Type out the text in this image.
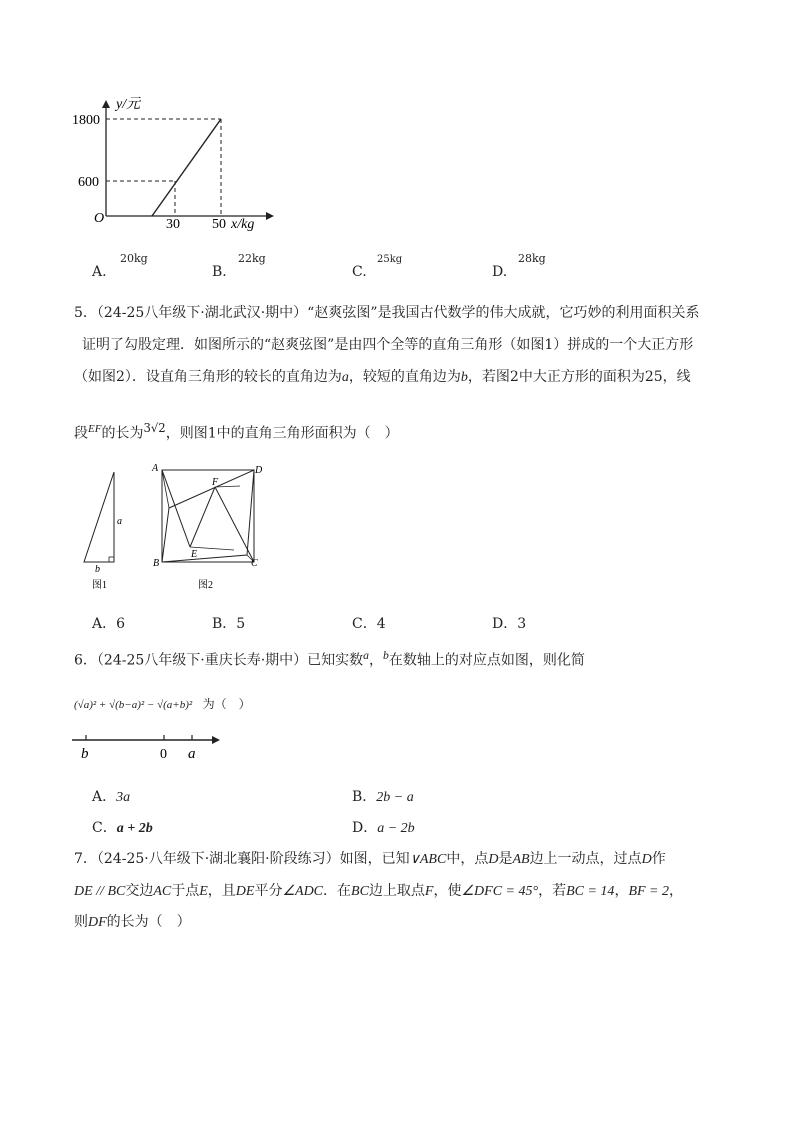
y/元
1800
600
O	30 50 x/kg
A.
20kg
B.
22kg
C.
25kg
D.
28kg
5．（24-25八年级下·湖北武汉·期中）“赵爽弦图”是我国古代数学的伟大成就，它巧妙的利用面积关系
证明了勾股定理．如图所示的“赵爽弦图”是由四个全等的直角三角形（如图1）拼成的一个大正方形
（如图2）．设直角三角形的较长的直角边为a，较短的直角边为b，若图2中大正方形的面积为25，线
段$^{EF}$的长为$^{3√2}$，则图1中的直角三角形面积为（　）
a
b
图1
A	D
F
E
B	C
图2
A．6	B．5	C．4	D．3
6．（24-25八年级下·重庆长寿·期中）已知实数$^a$，$^b$在数轴上的对应点如图，则化简
(√a)² + √(b−a)² − √(a+b)² 为（　）
b	0 a
A．3a	B．2b − a
C．a + 2b	D．a − 2b
7．（24-25·八年级下·湖北襄阳·阶段练习）如图，已知∨ABC中，点D是AB边上一动点，过点D作
DE // BC交边AC于点E，且DE平分∠ADC．在BC边上取点F，使∠DFC = 45°，若BC = 14，BF = 2，
则DF的长为（　）
